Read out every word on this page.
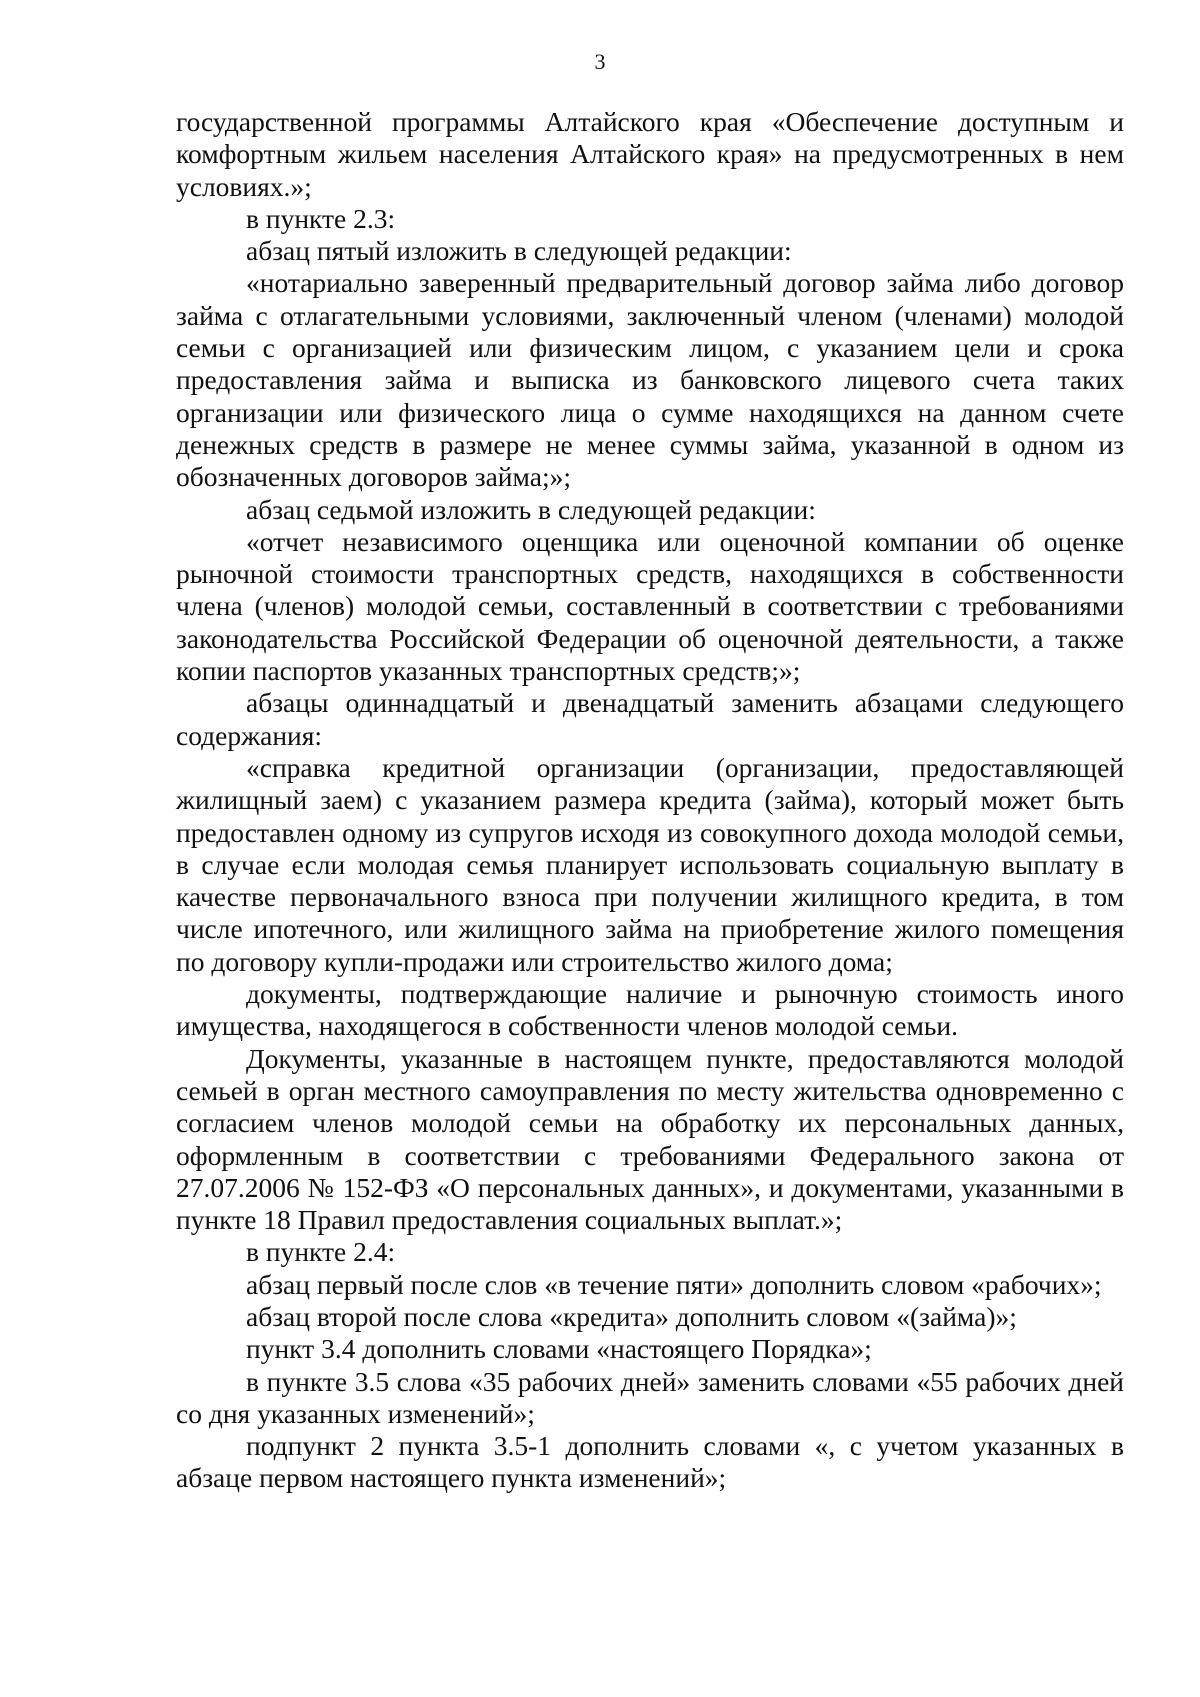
3

государственной программы Алтайского края «Обеспечение доступным и комфортным жильем населения Алтайского края» на предусмотренных в нем условиях.»;

в пункте 2.3:

абзац пятый изложить в следующей редакции:

«нотариально заверенный предварительный договор займа либо договор займа с отлагательными условиями, заключенный членом (членами) молодой семьи с организацией или физическим лицом, с указанием цели и срока предоставления займа и выписка из банковского лицевого счета таких организации или физического лица о сумме находящихся на данном счете денежных средств в размере не менее суммы займа, указанной в одном из обозначенных договоров займа;»;

абзац седьмой изложить в следующей редакции:

«отчет независимого оценщика или оценочной компании об оценке рыночной стоимости транспортных средств, находящихся в собственности члена (членов) молодой семьи, составленный в соответствии с требованиями законодательства Российской Федерации об оценочной деятельности, а также копии паспортов указанных транспортных средств;»;

абзацы одиннадцатый и двенадцатый заменить абзацами следующего содержания:

«справка кредитной организации (организации, предоставляющей жилищный заем) с указанием размера кредита (займа), который может быть предоставлен одному из супругов исходя из совокупного дохода молодой семьи, в случае если молодая семья планирует использовать социальную выплату в качестве первоначального взноса при получении жилищного кредита, в том числе ипотечного, или жилищного займа на приобретение жилого помещения по договору купли-продажи или строительство жилого дома;

документы, подтверждающие наличие и рыночную стоимость иного имущества, находящегося в собственности членов молодой семьи.

Документы, указанные в настоящем пункте, предоставляются молодой семьей в орган местного самоуправления по месту жительства одновременно с согласием членов молодой семьи на обработку их персональных данных, оформленным в соответствии с требованиями Федерального закона от 27.07.2006 № 152-ФЗ «О персональных данных», и документами, указанными в пункте 18 Правил предоставления социальных выплат.»;

в пункте 2.4:

абзац первый после слов «в течение пяти» дополнить словом «рабочих»;

абзац второй после слова «кредита» дополнить словом «(займа)»;

пункт 3.4 дополнить словами «настоящего Порядка»;

в пункте 3.5 слова «35 рабочих дней» заменить словами «55 рабочих дней со дня указанных изменений»;

подпункт 2 пункта 3.5-1 дополнить словами «, с учетом указанных в абзаце первом настоящего пункта изменений»;
